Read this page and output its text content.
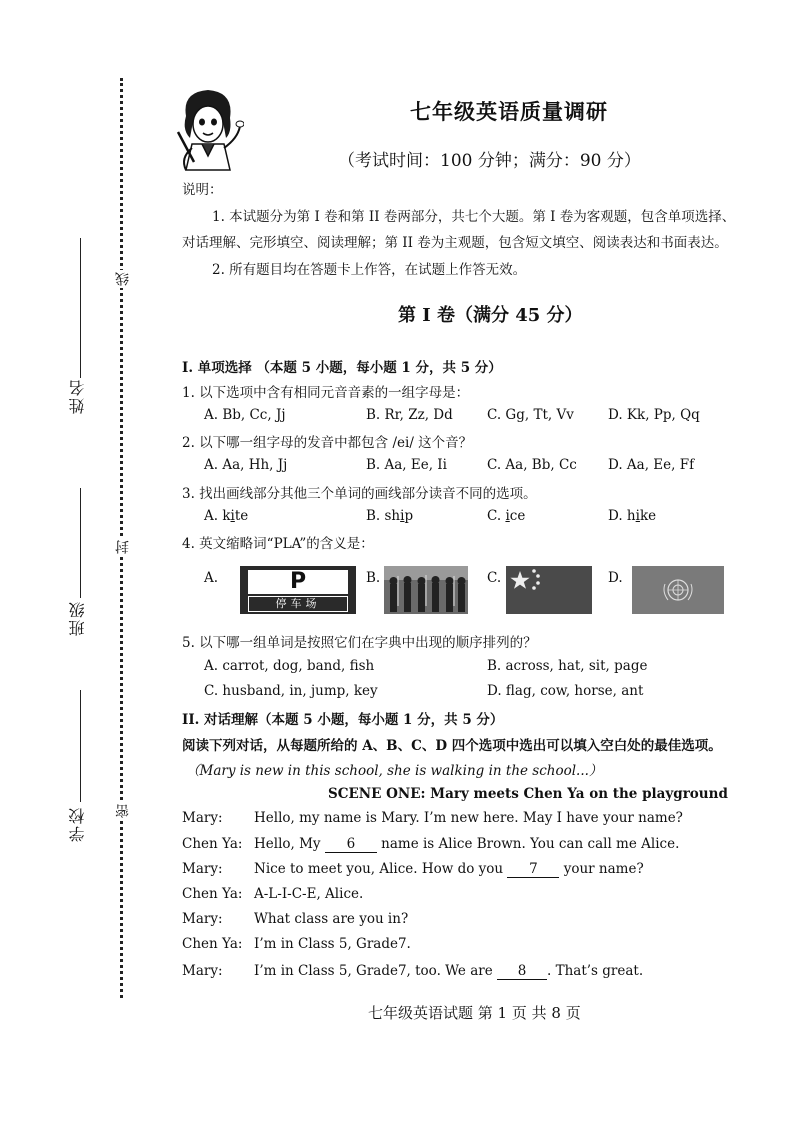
线
封
密
姓名
班级
学校
七年级英语质量调研
（考试时间：100 分钟；满分：90 分）
说明：
1. 本试题分为第 I 卷和第 II 卷两部分，共七个大题。第 I 卷为客观题，包含单项选择、
对话理解、完形填空、阅读理解；第 II 卷为主观题，包含短文填空、阅读表达和书面表达。
2. 所有题目均在答题卡上作答，在试题上作答无效。
第 I 卷（满分 45 分）
I. 单项选择 （本题 5 小题，每小题 1 分，共 5 分）
1. 以下选项中含有相同元音音素的一组字母是：
A. Bb, Cc, Jj	B. Rr, Zz, Dd	C. Gg, Tt, Vv	D. Kk, Pp, Qq
2. 以下哪一组字母的发音中都包含 /ei/ 这个音？
A. Aa, Hh, Jj	B. Aa, Ee, Ii	C. Aa, Bb, Cc D. Aa, Ee, Ff
3. 找出画线部分其他三个单词的画线部分读音不同的选项。
A. kite	B. ship	C. ice	D. hike
4. 英文缩略词“PLA”的含义是：
A.	P
停车场
B.	C.	D.
5. 以下哪一组单词是按照它们在字典中出现的顺序排列的？
A. carrot, dog, band, fish	B. across, hat, sit, page
C. husband, in, jump, key	D. flag, cow, horse, ant
II. 对话理解（本题 5 小题，每小题 1 分，共 5 分）
阅读下列对话，从每题所给的 A、B、C、D 四个选项中选出可以填入空白处的最佳选项。
（Mary is new in this school, she is walking in the school...）
SCENE ONE: Mary meets Chen Ya on the playground
Mary: Hello, my name is Mary. I’m new here. May I have your name?
Chen Ya: Hello, My 6 name is Alice Brown. You can call me Alice.
Mary: Nice to meet you, Alice. How do you 7 your name?
Chen Ya: A-L-I-C-E, Alice.
Mary: What class are you in?
Chen Ya: I’m in Class 5, Grade7.
Mary: I’m in Class 5, Grade7, too. We are 8 . That’s great.
七年级英语试题 第 1 页 共 8 页
